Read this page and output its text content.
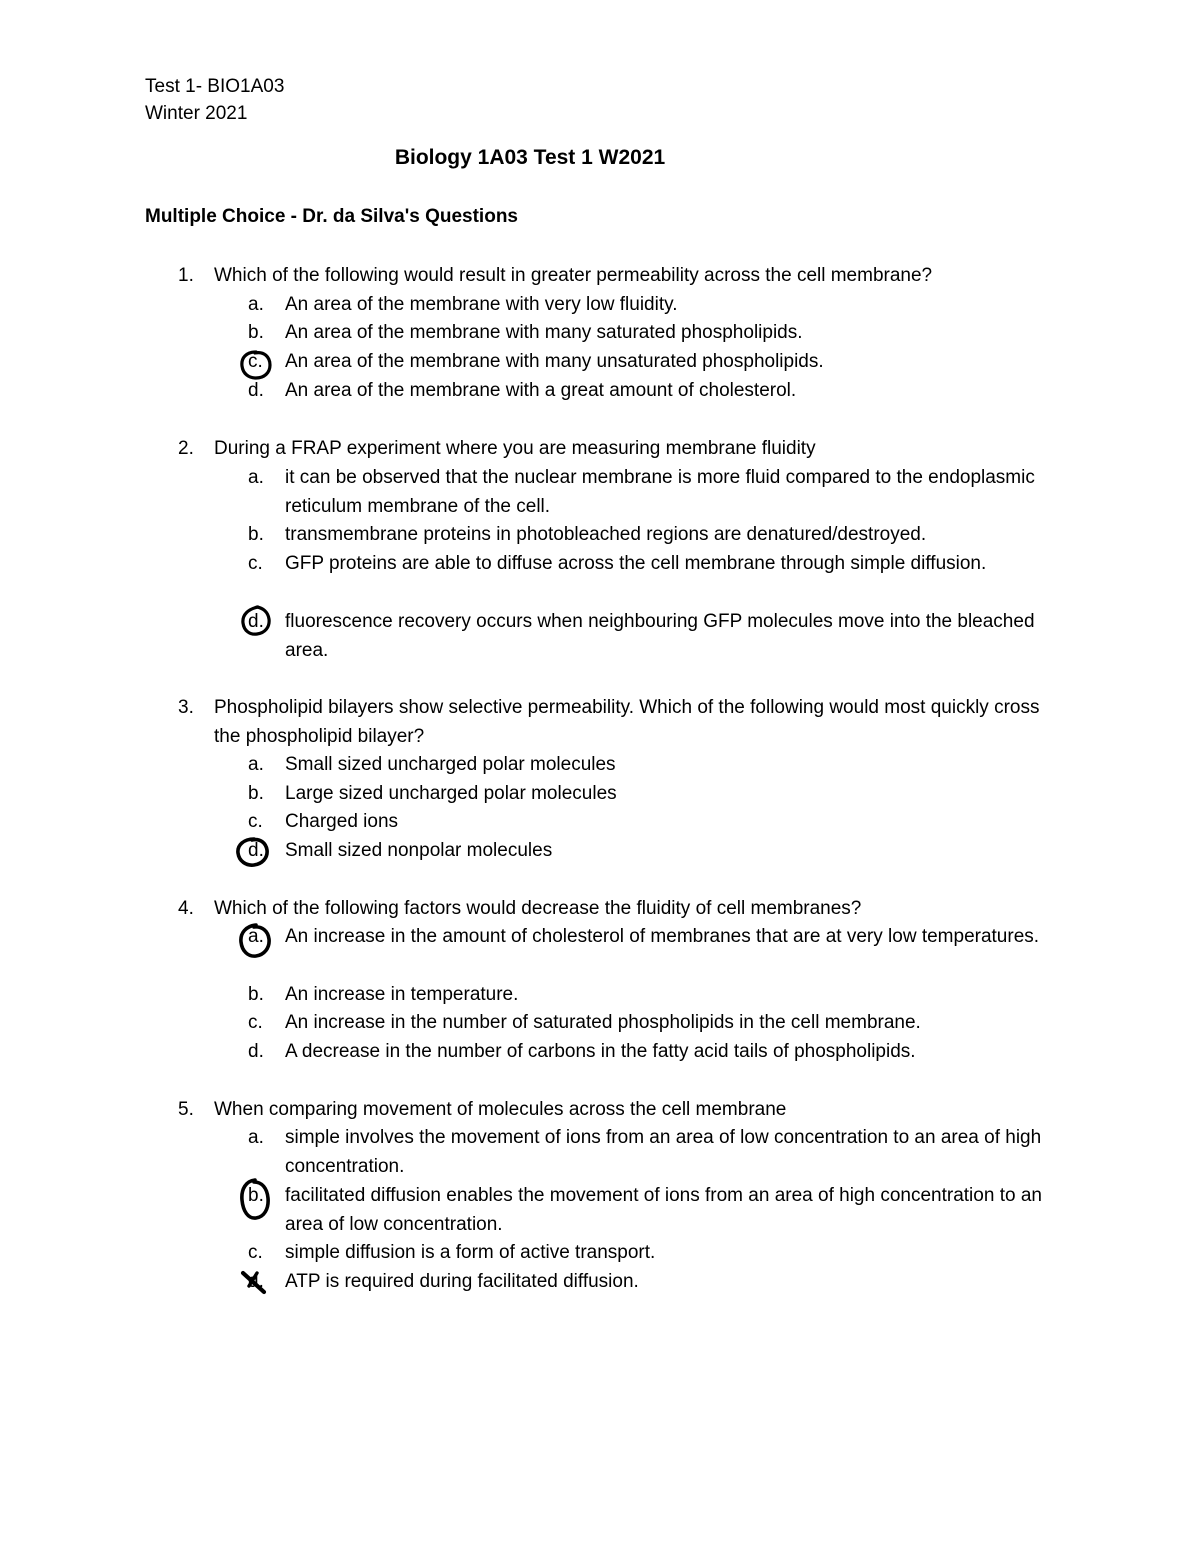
Test 1- BIO1A03
Winter 2021
Biology 1A03 Test 1 W2021
Multiple Choice - Dr. da Silva's Questions
1. Which of the following would result in greater permeability across the cell membrane?
a. An area of the membrane with very low fluidity.
b. An area of the membrane with many saturated phospholipids.
c. An area of the membrane with many unsaturated phospholipids.
d. An area of the membrane with a great amount of cholesterol.
2. During a FRAP experiment where you are measuring membrane fluidity
a. it can be observed that the nuclear membrane is more fluid compared to the endoplasmic reticulum membrane of the cell.
b. transmembrane proteins in photobleached regions are denatured/destroyed.
c. GFP proteins are able to diffuse across the cell membrane through simple diffusion.
d. fluorescence recovery occurs when neighbouring GFP molecules move into the bleached area.
3. Phospholipid bilayers show selective permeability. Which of the following would most quickly cross the phospholipid bilayer?
a. Small sized uncharged polar molecules
b. Large sized uncharged polar molecules
c. Charged ions
d. Small sized nonpolar molecules
4. Which of the following factors would decrease the fluidity of cell membranes?
a. An increase in the amount of cholesterol of membranes that are at very low temperatures.
b. An increase in temperature.
c. An increase in the number of saturated phospholipids in the cell membrane.
d. A decrease in the number of carbons in the fatty acid tails of phospholipids.
5. When comparing movement of molecules across the cell membrane
a. simple involves the movement of ions from an area of low concentration to an area of high concentration.
b. facilitated diffusion enables the movement of ions from an area of high concentration to an area of low concentration.
c. simple diffusion is a form of active transport.
d. ATP is required during facilitated diffusion.
